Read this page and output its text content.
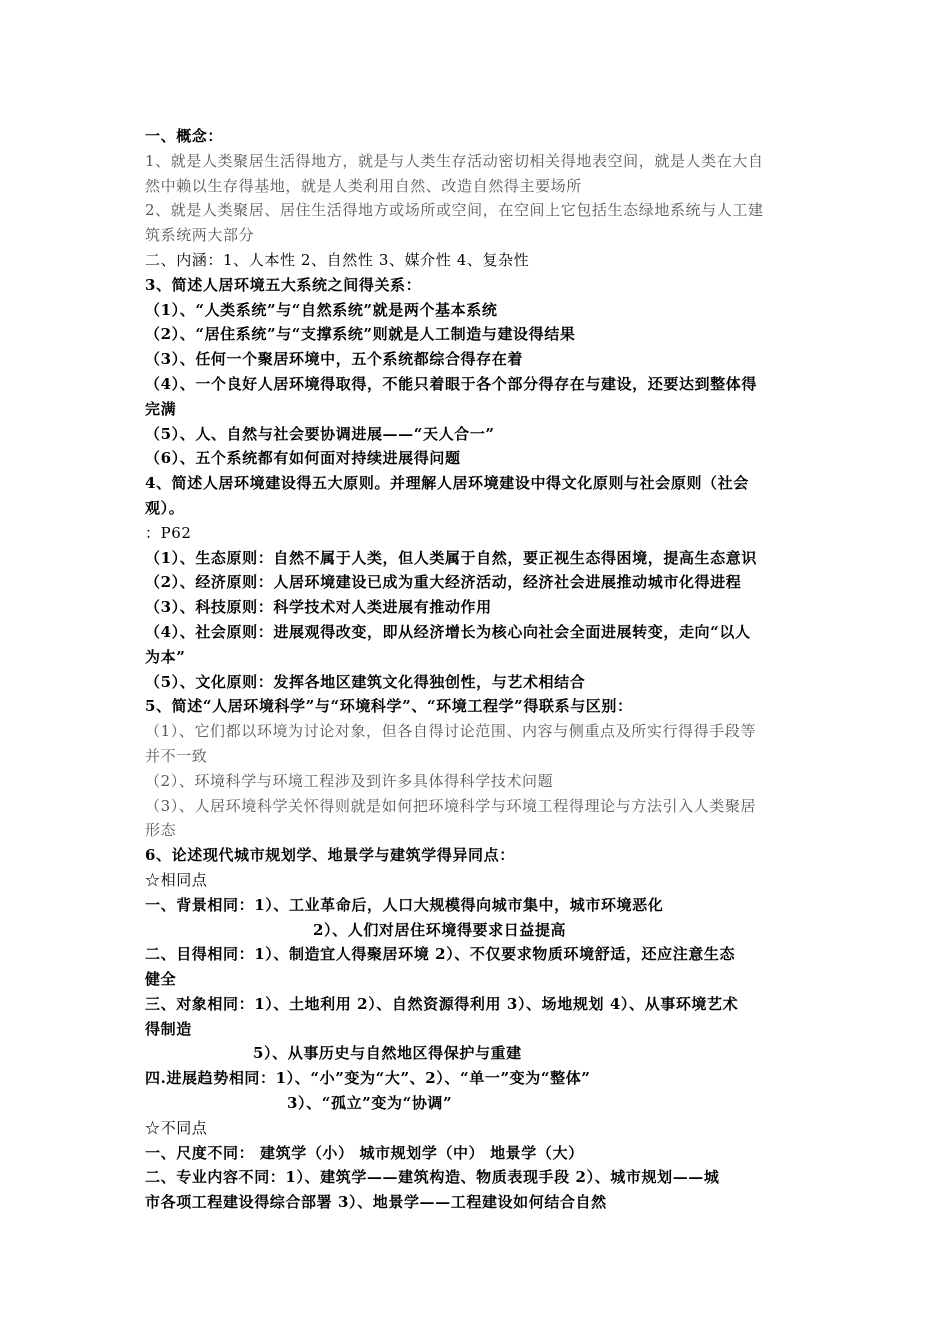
一、概念：
1、就是人类聚居生活得地方，就是与人类生存活动密切相关得地表空间，就是人类在大自
然中赖以生存得基地，就是人类利用自然、改造自然得主要场所
2、就是人类聚居、居住生活得地方或场所或空间，在空间上它包括生态绿地系统与人工建
筑系统两大部分
二、内涵：1、人本性 2、自然性 3、媒介性 4、复杂性
3、简述人居环境五大系统之间得关系：
（1）、“人类系统”与“自然系统”就是两个基本系统
（2）、“居住系统”与“支撑系统”则就是人工制造与建设得结果
（3）、任何一个聚居环境中，五个系统都综合得存在着
（4）、一个良好人居环境得取得，不能只着眼于各个部分得存在与建设，还要达到整体得
完满
（5）、人、自然与社会要协调进展——“天人合一”
（6）、五个系统都有如何面对持续进展得问题
4、简述人居环境建设得五大原则。并理解人居环境建设中得文化原则与社会原则（社会
观）。
：P62
（1）、生态原则：自然不属于人类，但人类属于自然，要正视生态得困境，提高生态意识
（2）、经济原则：人居环境建设已成为重大经济活动，经济社会进展推动城市化得进程
（3）、科技原则：科学技术对人类进展有推动作用
（4）、社会原则：进展观得改变，即从经济增长为核心向社会全面进展转变，走向“以人
为本”
（5）、文化原则：发挥各地区建筑文化得独创性，与艺术相结合
5、简述“人居环境科学”与“环境科学”、“环境工程学”得联系与区别：
（1）、它们都以环境为讨论对象，但各自得讨论范围、内容与侧重点及所实行得得手段等
并不一致
（2）、环境科学与环境工程涉及到许多具体得科学技术问题
（3）、人居环境科学关怀得则就是如何把环境科学与环境工程得理论与方法引入人类聚居
形态
6、论述现代城市规划学、地景学与建筑学得异同点：
☆相同点
一、背景相同：1）、工业革命后，人口大规模得向城市集中，城市环境恶化
2）、人们对居住环境得要求日益提高
二、目得相同：1）、制造宜人得聚居环境 2）、不仅要求物质环境舒适，还应注意生态
健全
三、对象相同：1）、土地利用 2）、自然资源得利用 3）、场地规划 4）、从事环境艺术
得制造
5）、从事历史与自然地区得保护与重建
四.进展趋势相同：1）、“小”变为“大”、2）、“单一”变为“整体”
3）、“孤立”变为“协调”
☆不同点
一、尺度不同： 建筑学（小） 城市规划学（中） 地景学（大）
二、专业内容不同：1）、建筑学——建筑构造、物质表现手段 2）、城市规划——城
市各项工程建设得综合部署 3）、地景学——工程建设如何结合自然
